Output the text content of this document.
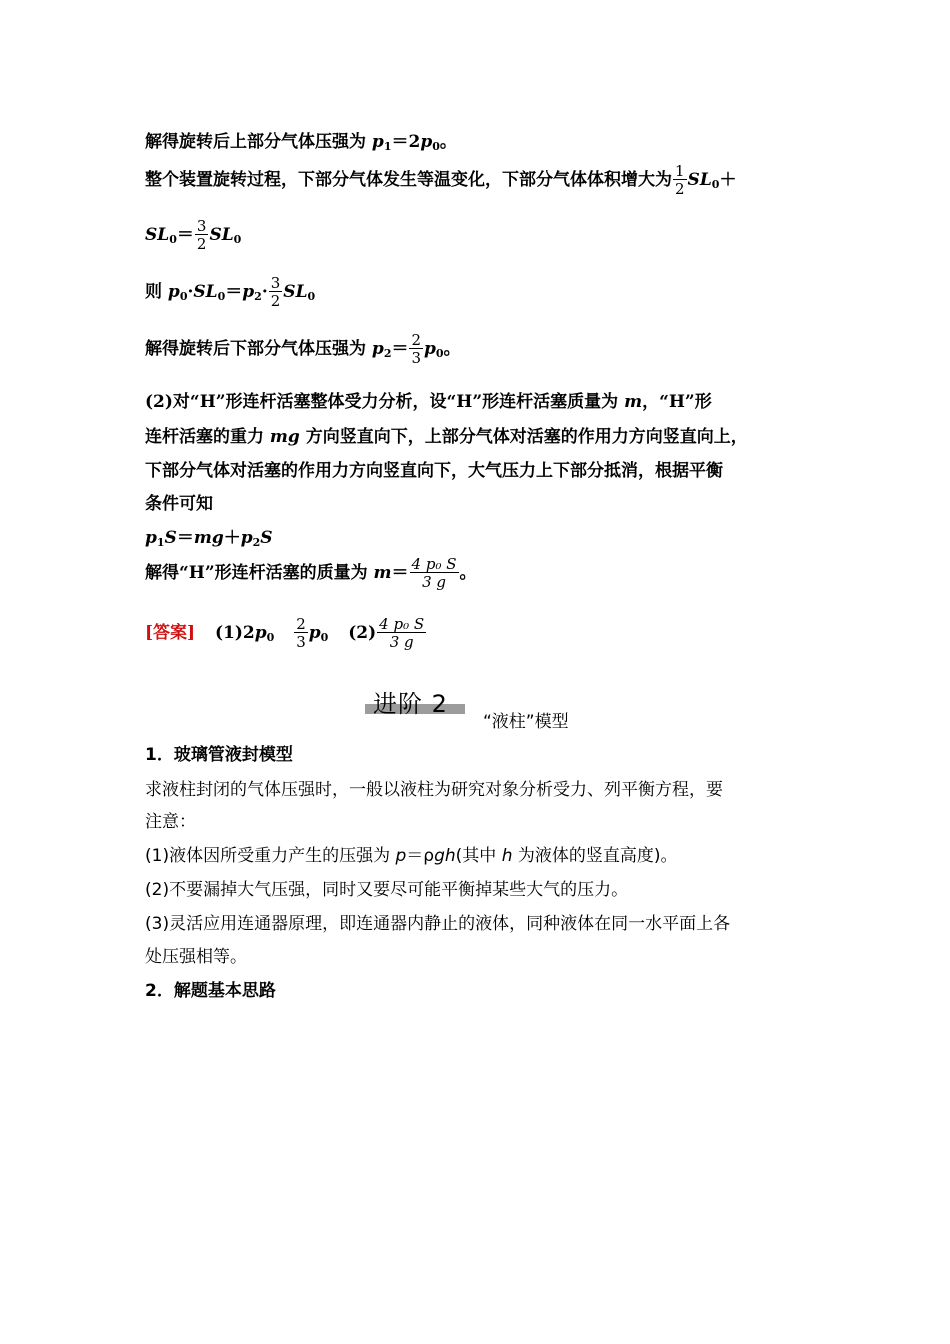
解得旋转后上部分气体压强为 $p_1=2p_0$。
整个装置旋转过程，下部分气体发生等温变化，下部分气体体积增大为 $\frac{1}{2} SL_0+$
$SL_0= \frac{3}{2} SL_0$
则 $p_0\cdot SL_0=p_2\cdot \frac{3}{2} SL_0$
解得旋转后下部分气体压强为 $p_2= \frac{2}{3} p_0$。
(2)对“H”形连杆活塞整体受力分析，设“H”形连杆活塞质量为 m，“H”形
连杆活塞的重力 mg 方向竖直向下，上部分气体对活塞的作用力方向竖直向上，
下部分气体对活塞的作用力方向竖直向下，大气压力上下部分抵消，根据平衡
条件可知
$p_1S=mg+p_2S$
解得“H”形连杆活塞的质量为 $m= \frac{\text{4 p₀ S}}{3 g}$ 。
[答案] $(1)2p_0 \frac{2}{3} p_0$ $(2) \frac{\text{4 p₀ S}}{3 g}$
进阶 2
“液柱”模型
1．玻璃管液封模型
求液柱封闭的气体压强时，一般以液柱为研究对象分析受力、列平衡方程，要
注意：
(1)液体因所受重力产生的压强为 p＝ρgh(其中 h 为液体的竖直高度)。
(2)不要漏掉大气压强，同时又要尽可能平衡掉某些大气的压力。
(3)灵活应用连通器原理，即连通器内静止的液体，同种液体在同一水平面上各
处压强相等。
2．解题基本思路
